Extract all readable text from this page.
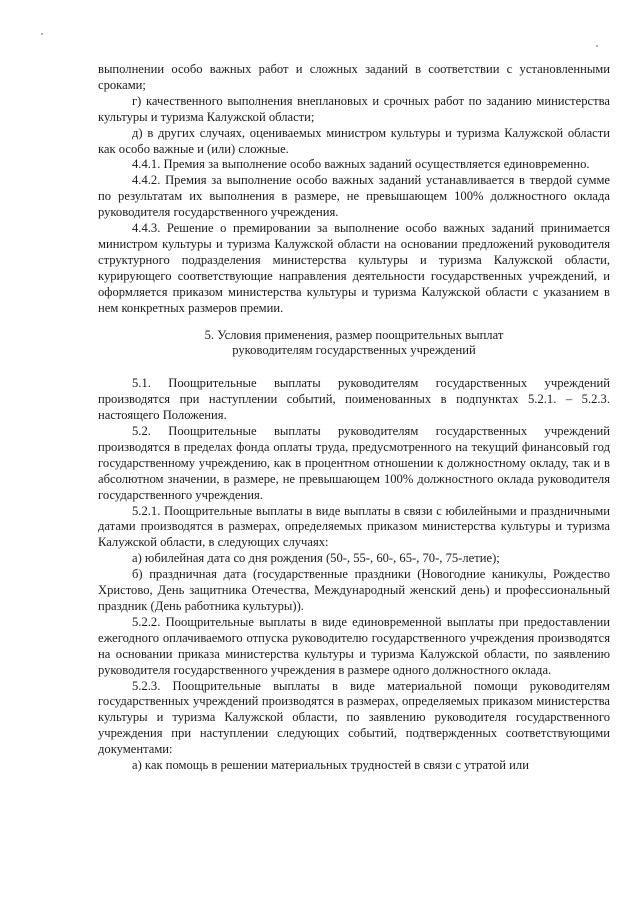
выполнении особо важных работ и сложных заданий в соответствии с установленными сроками;

г) качественного выполнения внеплановых и срочных работ по заданию министерства культуры и туризма Калужской области;

д) в других случаях, оцениваемых министром культуры и туризма Калужской области как особо важные и (или) сложные.

4.4.1. Премия за выполнение особо важных заданий осуществляется единовременно.

4.4.2. Премия за выполнение особо важных заданий устанавливается в твердой сумме по результатам их выполнения в размере, не превышающем 100% должностного оклада руководителя государственного учреждения.

4.4.3. Решение о премировании за выполнение особо важных заданий принимается министром культуры и туризма Калужской области на основании предложений руководителя структурного подразделения министерства культуры и туризма Калужской области, курирующего соответствующие направления деятельности государственных учреждений, и оформляется приказом министерства культуры и туризма Калужской области с указанием в нем конкретных размеров премии.

5. Условия применения, размер поощрительных выплат
руководителям государственных учреждений

5.1. Поощрительные выплаты руководителям государственных учреждений производятся при наступлении событий, поименованных в подпунктах 5.2.1. – 5.2.3. настоящего Положения.

5.2. Поощрительные выплаты руководителям государственных учреждений производятся в пределах фонда оплаты труда, предусмотренного на текущий финансовый год государственному учреждению, как в процентном отношении к должностному окладу, так и в абсолютном значении, в размере, не превышающем 100% должностного оклада руководителя государственного учреждения.

5.2.1. Поощрительные выплаты в виде выплаты в связи с юбилейными и праздничными датами производятся в размерах, определяемых приказом министерства культуры и туризма Калужской области, в следующих случаях:

а) юбилейная дата со дня рождения (50-, 55-, 60-, 65-, 70-, 75-летие);

б) праздничная дата (государственные праздники (Новогодние каникулы, Рождество Христово, День защитника Отечества, Международный женский день) и профессиональный праздник (День работника культуры)).

5.2.2. Поощрительные выплаты в виде единовременной выплаты при предоставлении ежегодного оплачиваемого отпуска руководителю государственного учреждения производятся на основании приказа министерства культуры и туризма Калужской области, по заявлению руководителя государственного учреждения в размере одного должностного оклада.

5.2.3. Поощрительные выплаты в виде материальной помощи руководителям государственных учреждений производятся в размерах, определяемых приказом министерства культуры и туризма Калужской области, по заявлению руководителя государственного учреждения при наступлении следующих событий, подтвержденных соответствующими документами:

а) как помощь в решении материальных трудностей в связи с утратой или
